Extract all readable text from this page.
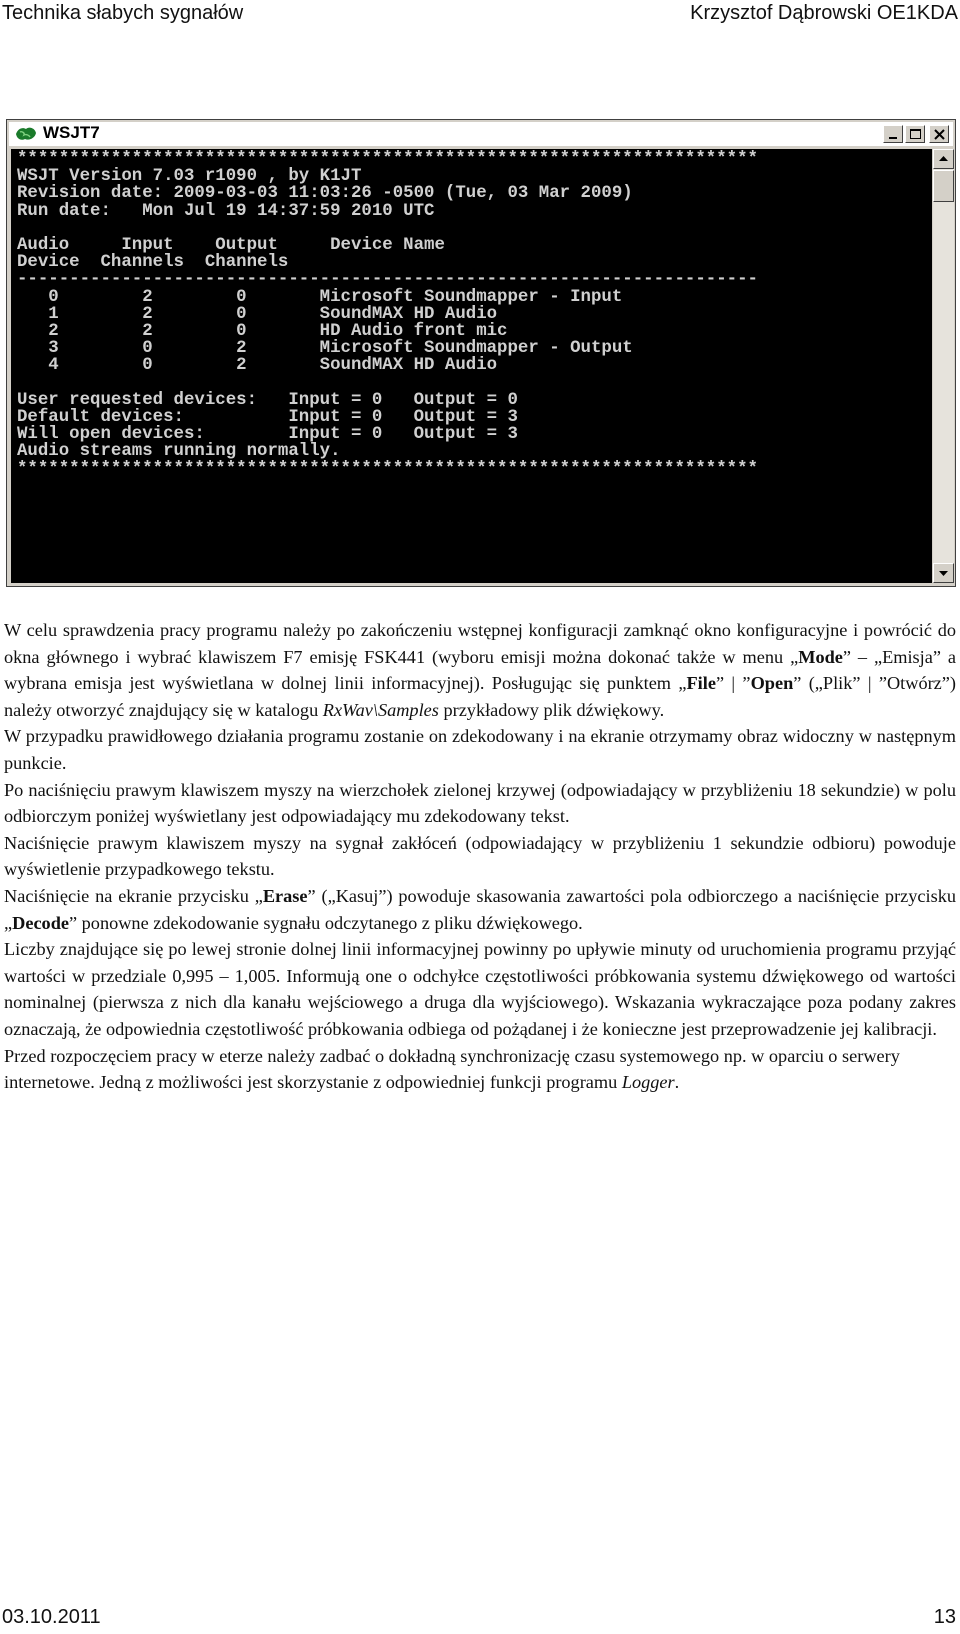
Technika słabych sygnałów	Krzysztof Dąbrowski OE1KDA
WSJT7
***********************************************************************
WSJT Version 7.03 r1090 , by K1JT
Revision date: 2009-03-03 11:03:26 -0500 (Tue, 03 Mar 2009)
Run date:   Mon Jul 19 14:37:59 2010 UTC

Audio     Input    Output     Device Name
Device  Channels  Channels
-----------------------------------------------------------------------
0        2        0       Microsoft Soundmapper - Input
1        2        0       SoundMAX HD Audio
2        2        0       HD Audio front mic
3        0        2       Microsoft Soundmapper - Output
4        0        2       SoundMAX HD Audio

User requested devices:   Input = 0   Output = 0
Default devices:          Input = 0   Output = 3
Will open devices:        Input = 0   Output = 3
Audio streams running normally.
***********************************************************************

W celu sprawdzenia pracy programu należy po zakończeniu wstępnej konfiguracji zamknąć okno konfiguracyjne i powrócić do okna głównego i wybrać klawiszem F7 emisję FSK441 (wyboru emisji można dokonać także w menu „Mode” – „Emisja” a wybrana emisja jest wyświetlana w dolnej linii informacyjnej). Posługując się punktem „File” | ”Open” („Plik” | ”Otwórz”) należy otworzyć znajdujący się w katalogu RxWav\Samples przykładowy plik dźwiękowy.

W przypadku prawidłowego działania programu zostanie on zdekodowany i na ekranie otrzymamy obraz widoczny w następnym punkcie.

Po naciśnięciu prawym klawiszem myszy na wierzchołek zielonej krzywej (odpowiadający w przybliżeniu 18 sekundzie) w polu odbiorczym poniżej wyświetlany jest odpowiadający mu zdekodowany tekst.

Naciśnięcie prawym klawiszem myszy na sygnał zakłóceń (odpowiadający w przybliżeniu 1 sekundzie odbioru) powoduje wyświetlenie przypadkowego tekstu.

Naciśnięcie na ekranie przycisku „Erase” („Kasuj”) powoduje skasowania zawartości pola odbiorczego a naciśnięcie przycisku „Decode” ponowne zdekodowanie sygnału odczytanego z pliku dźwiękowego.

Liczby znajdujące się po lewej stronie dolnej linii informacyjnej powinny po upływie minuty od uruchomienia programu przyjąć wartości w przedziale 0,995 – 1,005. Informują one o odchyłce częstotliwości próbkowania systemu dźwiękowego od wartości nominalnej (pierwsza z nich dla kanału wejściowego a druga dla wyjściowego). Wskazania wykraczające poza podany zakres oznaczają, że odpowiednia częstotliwość próbkowania odbiega od pożądanej i że konieczne jest przeprowadzenie jej kalibracji.

Przed rozpoczęciem pracy w eterze należy zadbać o dokładną synchronizację czasu systemowego np. w oparciu o serwery internetowe. Jedną z możliwości jest skorzystanie z odpowiedniej funkcji programu Logger.

03.10.2011	13
